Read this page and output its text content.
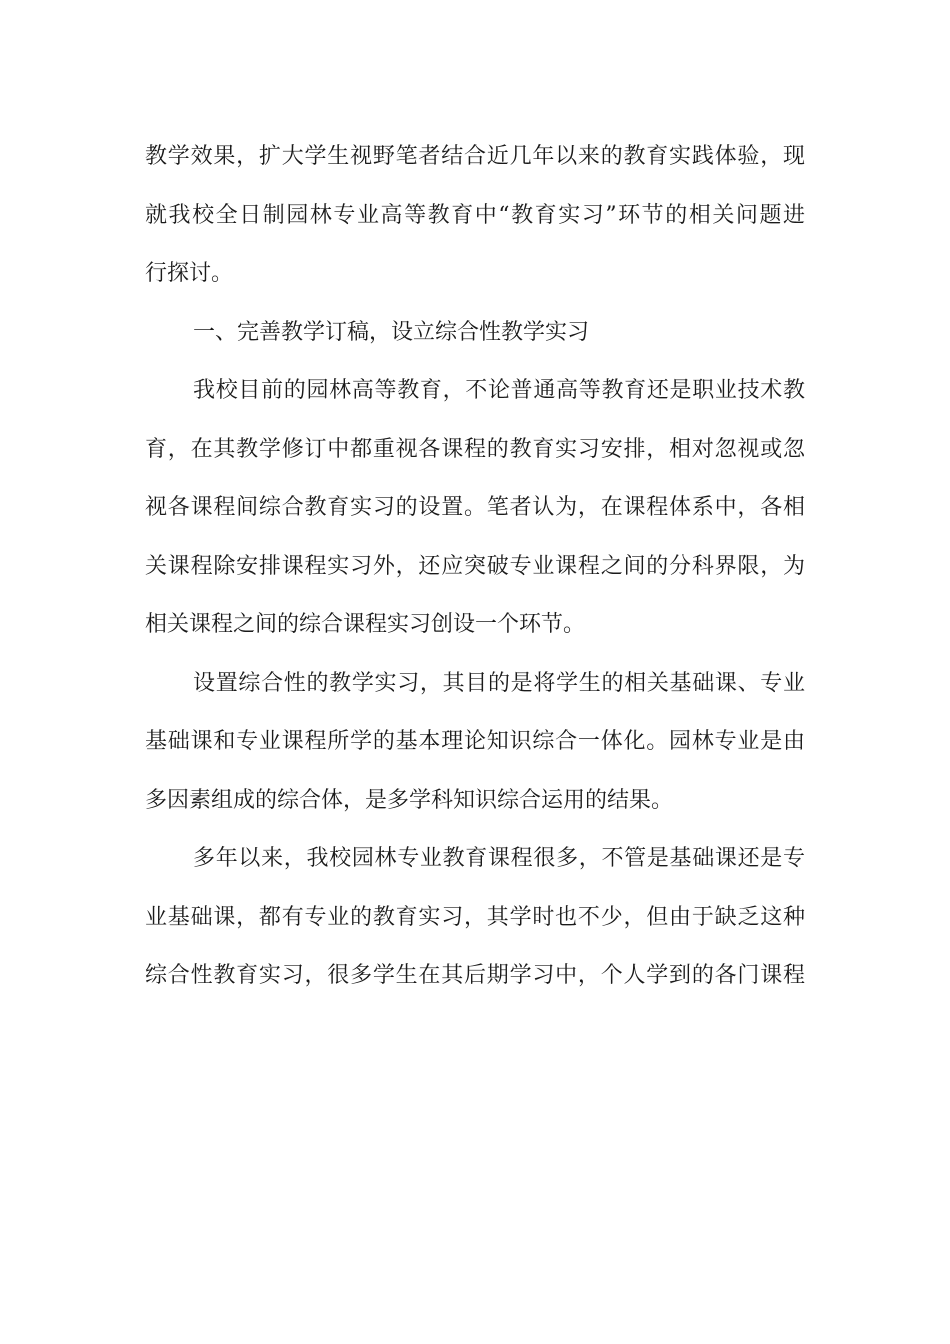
教学效果，扩大学生视野笔者结合近几年以来的教育实践体验，现
就我校全日制园林专业高等教育中“教育实习”环节的相关问题进
行探讨。
一、完善教学订稿，设立综合性教学实习
我校目前的园林高等教育，不论普通高等教育还是职业技术教
育，在其教学修订中都重视各课程的教育实习安排，相对忽视或忽
视各课程间综合教育实习的设置。笔者认为，在课程体系中，各相
关课程除安排课程实习外，还应突破专业课程之间的分科界限，为
相关课程之间的综合课程实习创设一个环节。
设置综合性的教学实习，其目的是将学生的相关基础课、专业
基础课和专业课程所学的基本理论知识综合一体化。园林专业是由
多因素组成的综合体，是多学科知识综合运用的结果。
多年以来，我校园林专业教育课程很多，不管是基础课还是专
业基础课，都有专业的教育实习，其学时也不少，但由于缺乏这种
综合性教育实习，很多学生在其后期学习中，个人学到的各门课程
